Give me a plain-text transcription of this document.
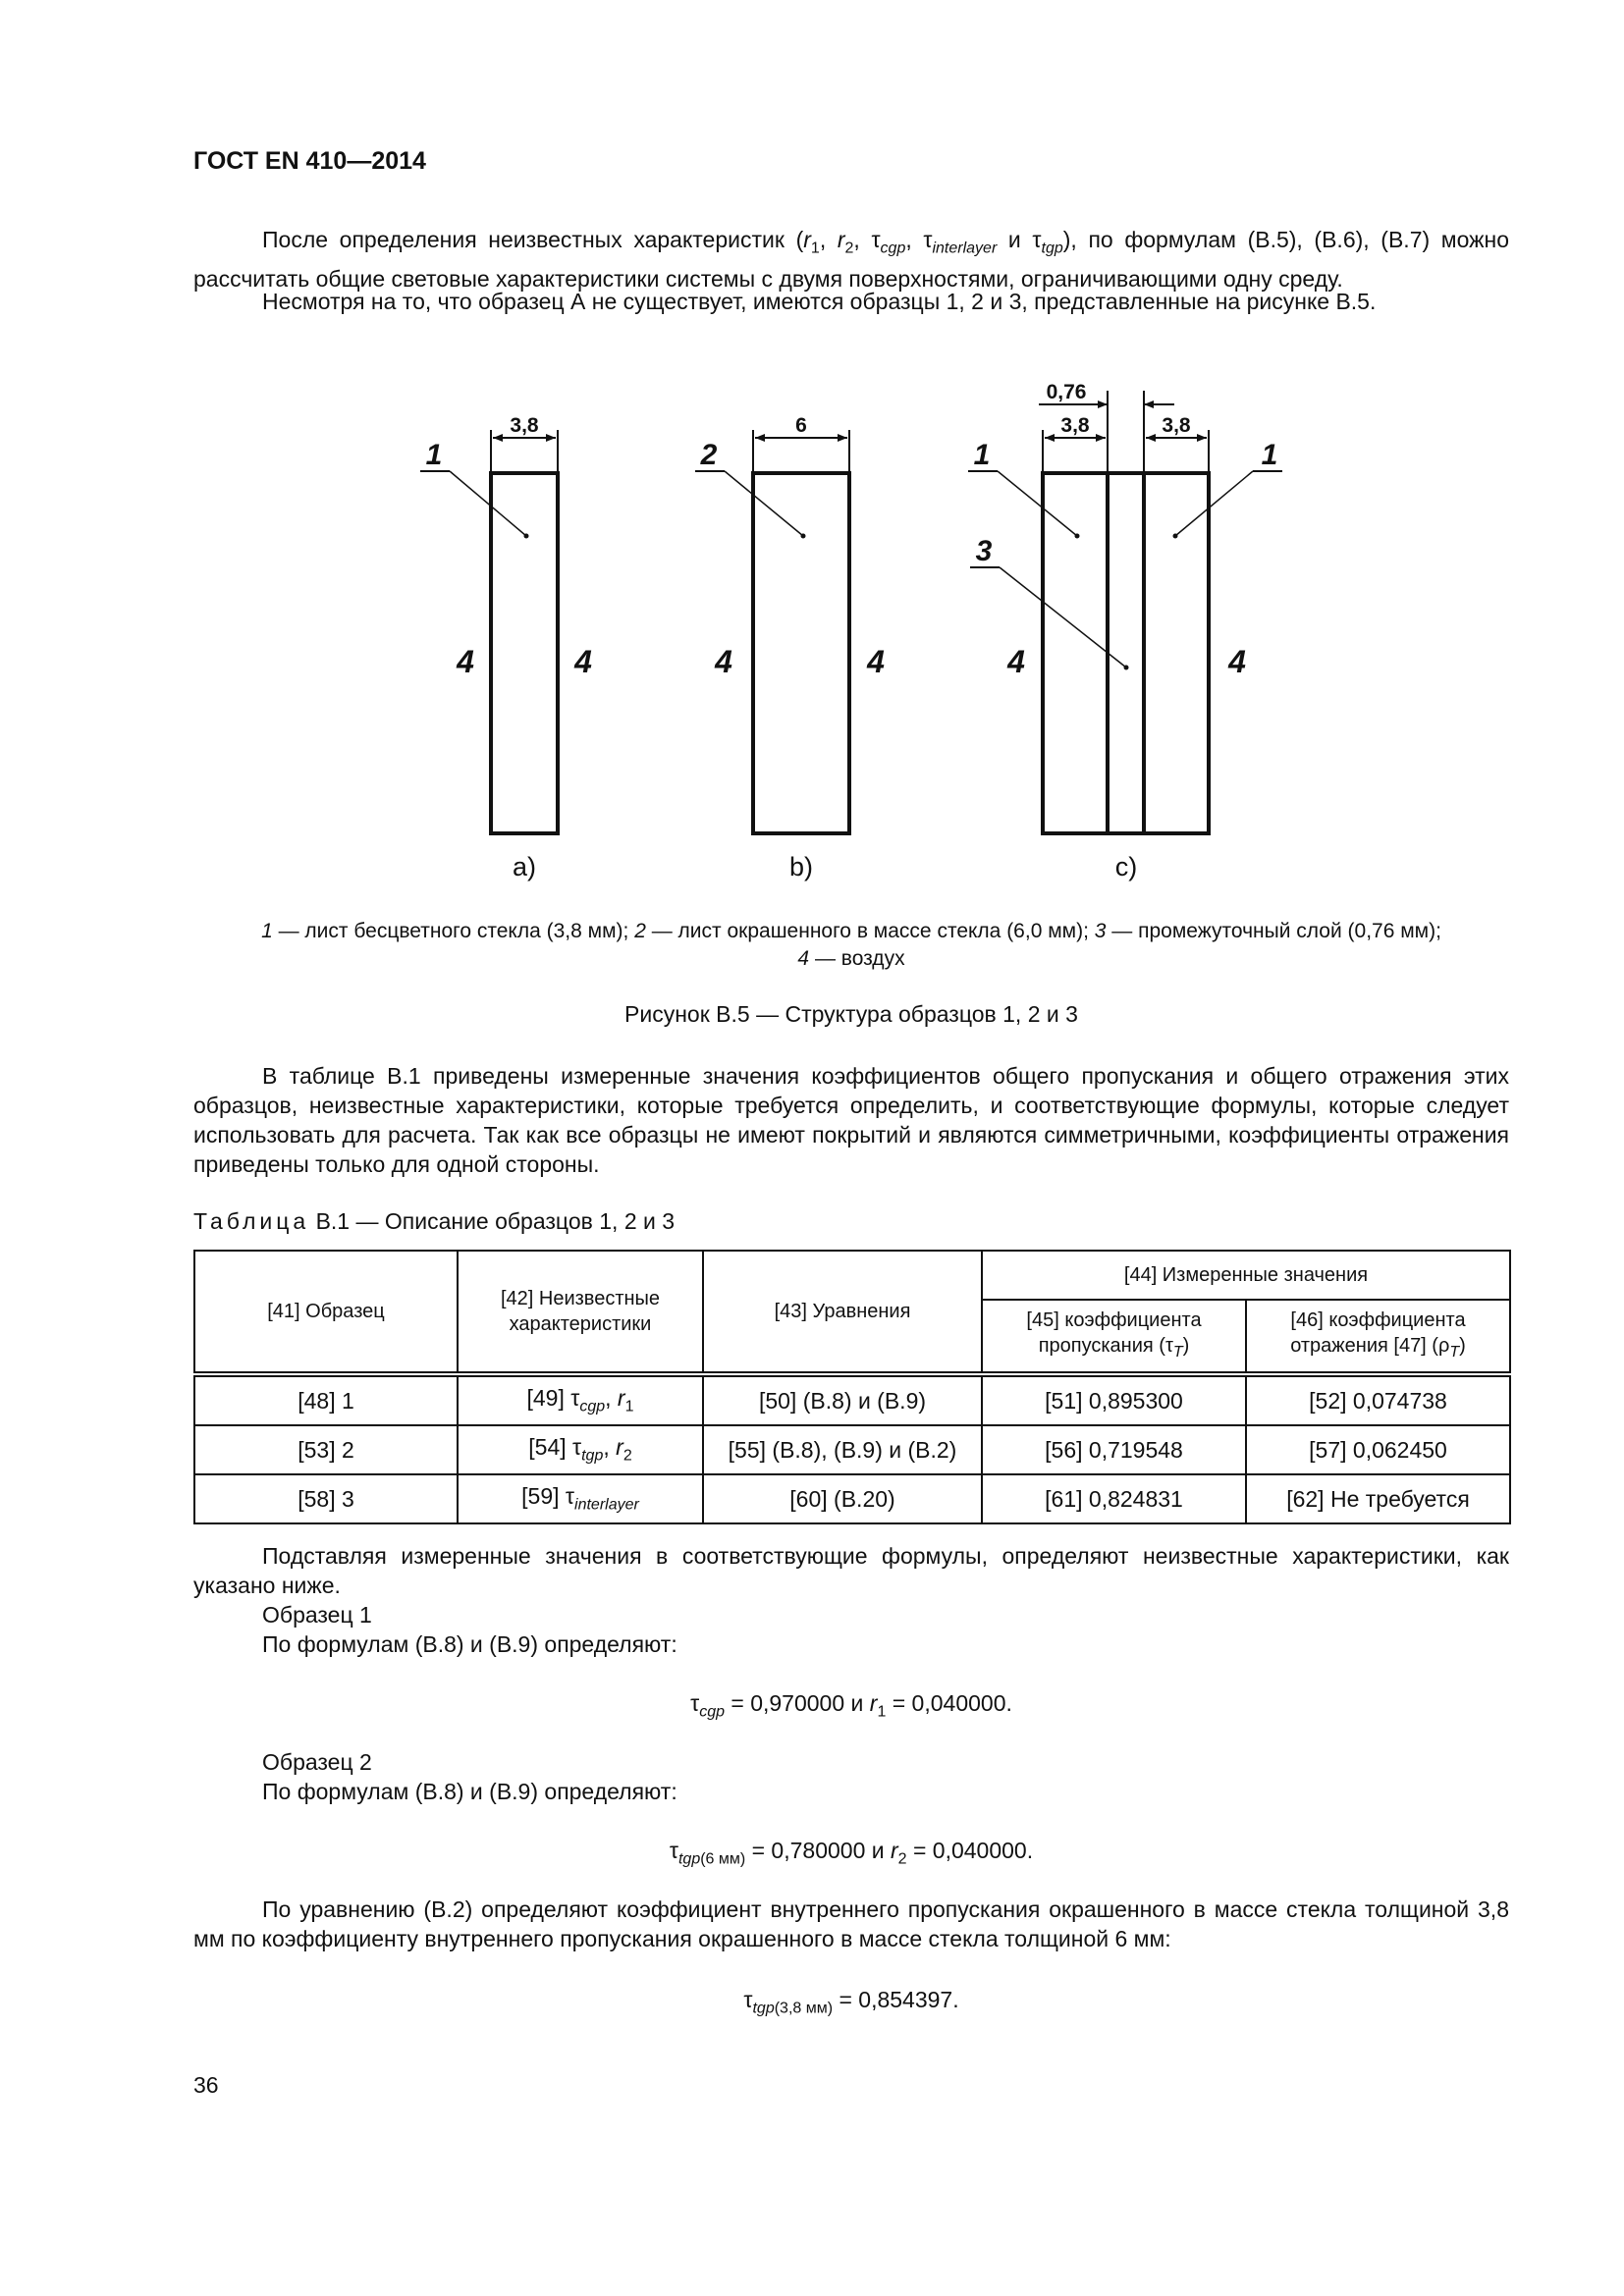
ГОСТ EN 410—2014

После определения неизвестных характеристик ($r_1$, $r_2$, $\tau_{cgp}$, $\tau_{interlayer}$ и $\tau_{tgp}$), по формулам (B.5), (B.6), (B.7) можно рассчитать общие световые характеристики системы с двумя поверхностями, ограничивающими одну среду.

Несмотря на то, что образец А не существует, имеются образцы 1, 2 и 3, представленные на рисунке B.5.

3,8
1
4	4
a)
6
2
4	4
b)
0,76
3,8	3,8
1	1
3
4	4
c)
1 — лист бесцветного стекла (3,8 мм); 2 — лист окрашенного в массе стекла (6,0 мм); 3 — промежуточный слой (0,76 мм);
4 — воздух
Рисунок B.5 — Структура образцов 1, 2 и 3

В таблице B.1 приведены измеренные значения коэффициентов общего пропускания и общего отражения этих образцов, неизвестные характеристики, которые требуется определить, и соответствующие формулы, которые следует использовать для расчета. Так как все образцы не имеют покрытий и являются симметричными, коэффициенты отражения приведены только для одной стороны.

Таблица B.1 — Описание образцов 1, 2 и 3
[41] Образец	[42] Неизвестные характеристики	[43] Уравнения	[44] Измеренные значения	
			[45] коэффициента пропускания $(\tau_T)$	[46] коэффициента отражения [47] $(\rho_T)$
[48] 1	[49] $\tau_{cgp}$, $r_1$	[50] (B.8) и (B.9)	[51] 0,895300	[52] 0,074738
[53] 2	[54] $\tau_{tgp}$, $r_2$	[55] (B.8), (B.9) и (B.2)	[56] 0,719548	[57] 0,062450
[58] 3	[59] $\tau_{interlayer}$	[60] (B.20)	[61] 0,824831	[62] Не требуется

Подставляя измеренные значения в соответствующие формулы, определяют неизвестные характеристики, как указано ниже.

Образец 1

По формулам (B.8) и (B.9) определяют:

$\tau_{cgp} = 0,970000$ и $r_1 = 0,040000$.

Образец 2

По формулам (B.8) и (B.9) определяют:

$\tau_{tgp(6 мм)} = 0,780000$ и $r_2 = 0,040000$.

По уравнению (B.2) определяют коэффициент внутреннего пропускания окрашенного в массе стекла толщиной 3,8 мм по коэффициенту внутреннего пропускания окрашенного в массе стекла толщиной 6 мм:

$\tau_{tgp(3,8 мм)} = 0,854397$.
36
